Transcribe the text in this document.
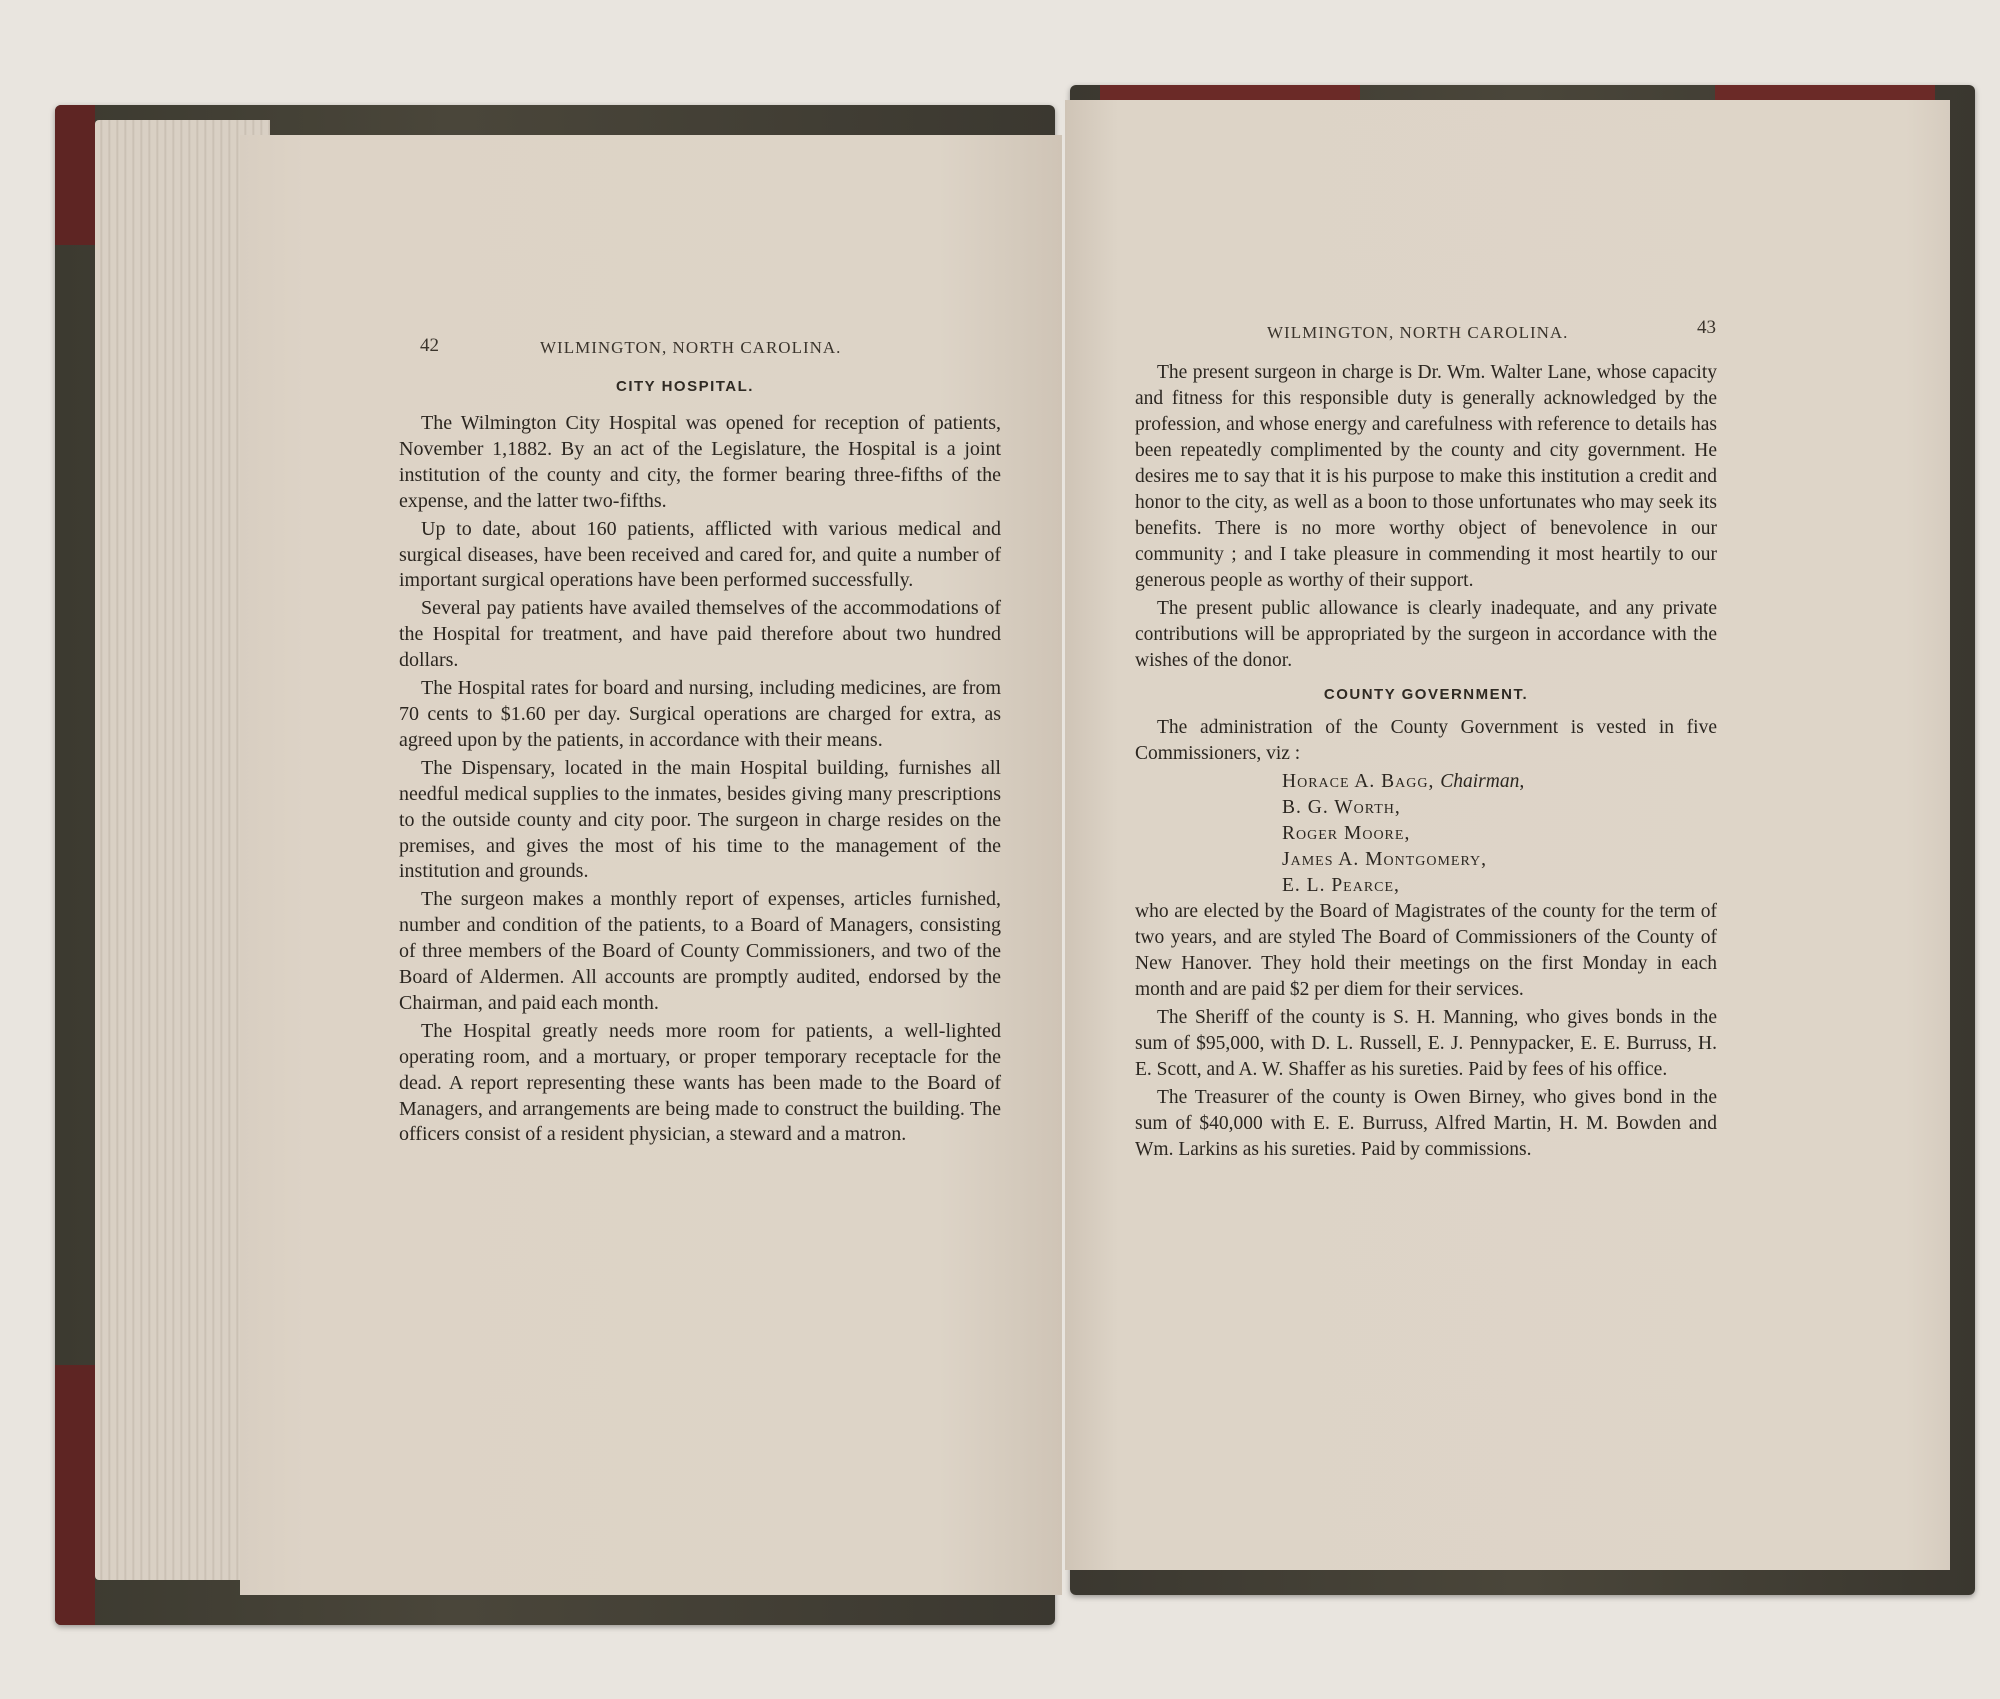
42	WILMINGTON, NORTH CAROLINA.
CITY HOSPITAL.

The Wilmington City Hospital was opened for reception of patients, November 1,1882. By an act of the Legislature, the Hospital is a joint institution of the county and city, the former bearing three-fifths of the expense, and the latter two-fifths.

Up to date, about 160 patients, afflicted with various medical and surgical diseases, have been received and cared for, and quite a number of important surgical operations have been performed successfully.

Several pay patients have availed themselves of the accommodations of the Hospital for treatment, and have paid therefore about two hundred dollars.

The Hospital rates for board and nursing, including medicines, are from 70 cents to $1.60 per day. Surgical operations are charged for extra, as agreed upon by the patients, in accordance with their means.

The Dispensary, located in the main Hospital building, furnishes all needful medical supplies to the inmates, besides giving many prescriptions to the outside county and city poor. The surgeon in charge resides on the premises, and gives the most of his time to the management of the institution and grounds.

The surgeon makes a monthly report of expenses, articles furnished, number and condition of the patients, to a Board of Managers, consisting of three members of the Board of County Commissioners, and two of the Board of Aldermen. All accounts are promptly audited, endorsed by the Chairman, and paid each month.

The Hospital greatly needs more room for patients, a well-lighted operating room, and a mortuary, or proper temporary receptacle for the dead. A report representing these wants has been made to the Board of Managers, and arrangements are being made to construct the building. The officers consist of a resident physician, a steward and a matron.

WILMINGTON, NORTH CAROLINA.	43

The present surgeon in charge is Dr. Wm. Walter Lane, whose capacity and fitness for this responsible duty is generally acknowledged by the profession, and whose energy and carefulness with reference to details has been repeatedly complimented by the county and city government. He desires me to say that it is his purpose to make this institution a credit and honor to the city, as well as a boon to those unfortunates who may seek its benefits. There is no more worthy object of benevolence in our community ; and I take pleasure in commending it most heartily to our generous people as worthy of their support.

The present public allowance is clearly inadequate, and any private contributions will be appropriated by the surgeon in accordance with the wishes of the donor.

COUNTY GOVERNMENT.

The administration of the County Government is vested in five Commissioners, viz :

Horace A. Bagg, Chairman,
B. G. Worth,
Roger Moore,
James A. Montgomery,
E. L. Pearce,

who are elected by the Board of Magistrates of the county for the term of two years, and are styled The Board of Commissioners of the County of New Hanover. They hold their meetings on the first Monday in each month and are paid $2 per diem for their services.

The Sheriff of the county is S. H. Manning, who gives bonds in the sum of $95,000, with D. L. Russell, E. J. Pennypacker, E. E. Burruss, H. E. Scott, and A. W. Shaffer as his sureties. Paid by fees of his office.

The Treasurer of the county is Owen Birney, who gives bond in the sum of $40,000 with E. E. Burruss, Alfred Martin, H. M. Bowden and Wm. Larkins as his sureties. Paid by commissions.
